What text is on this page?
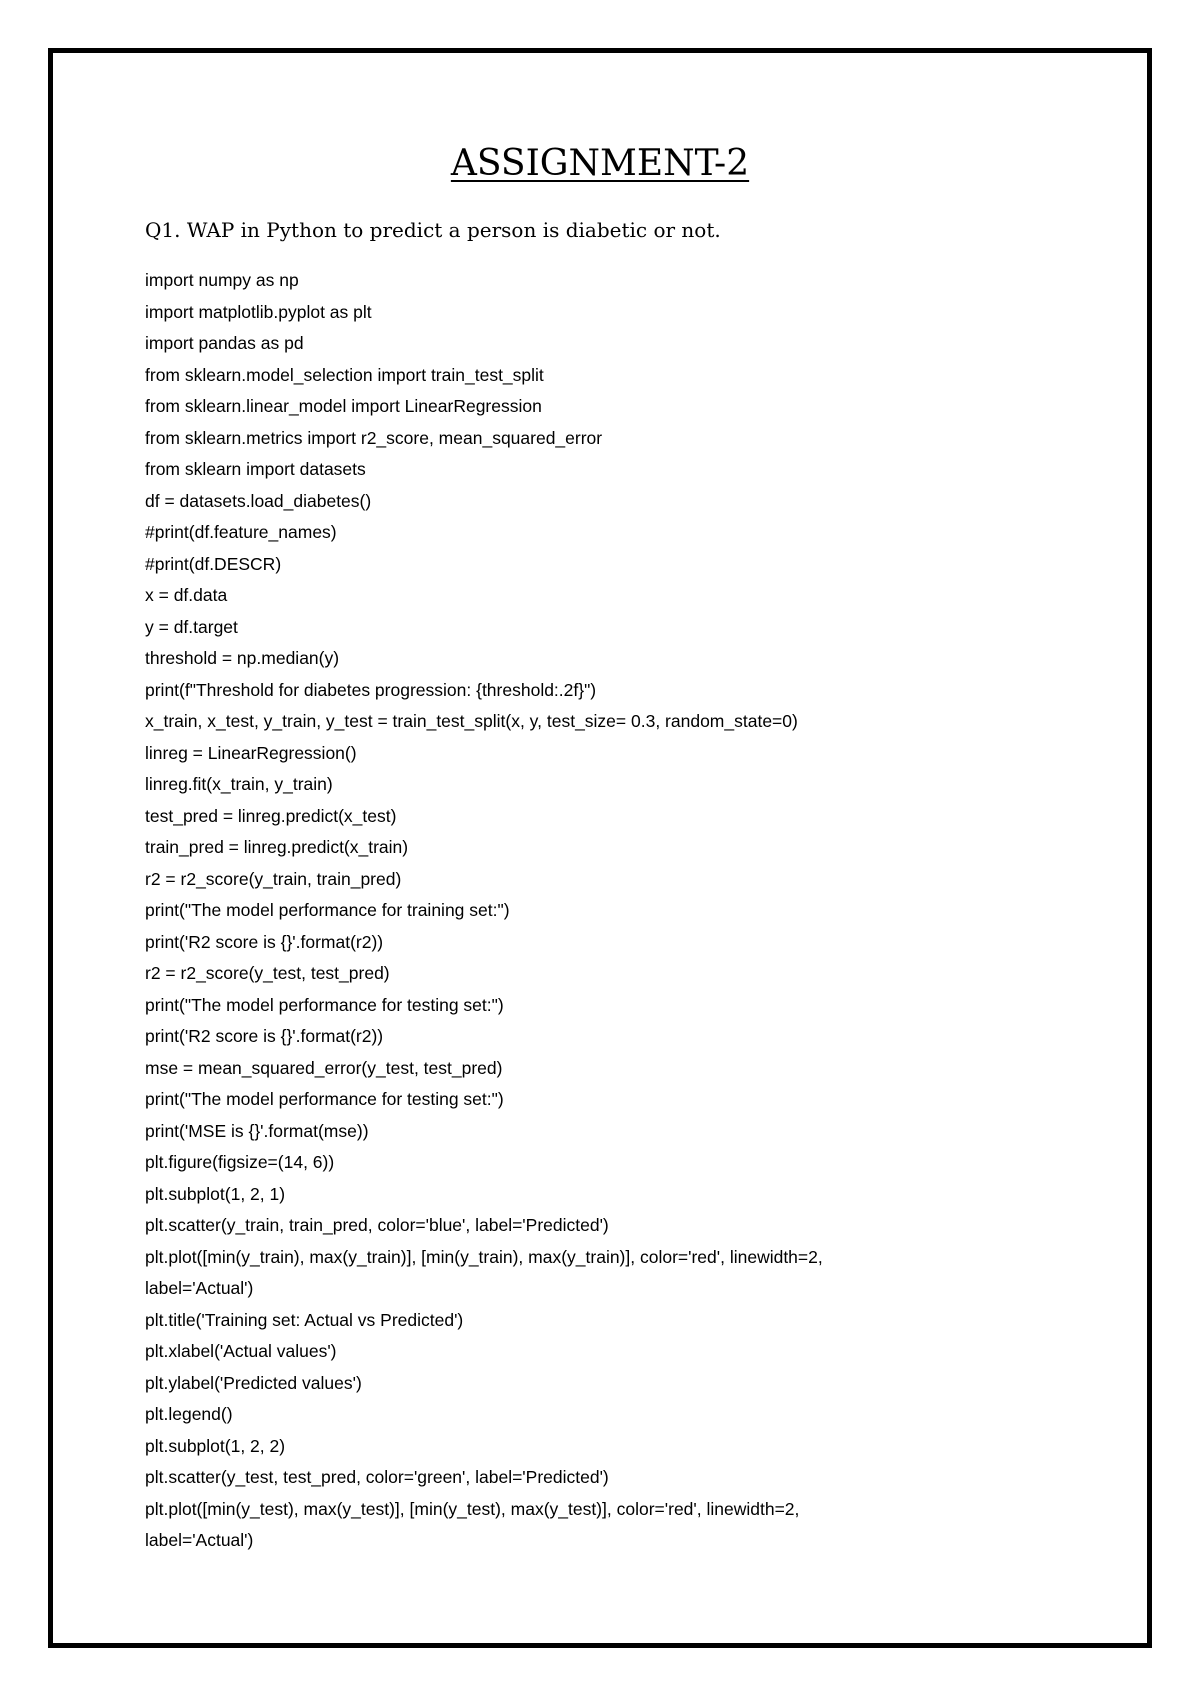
ASSIGNMENT-2
Q1. WAP in Python to predict a person is diabetic or not.
import numpy as np
import matplotlib.pyplot as plt
import pandas as pd
from sklearn.model_selection import train_test_split
from sklearn.linear_model import LinearRegression
from sklearn.metrics import r2_score, mean_squared_error
from sklearn import datasets
df = datasets.load_diabetes()
#print(df.feature_names)
#print(df.DESCR)
x = df.data
y = df.target
threshold = np.median(y)
print(f"Threshold for diabetes progression: {threshold:.2f}")
x_train, x_test, y_train, y_test = train_test_split(x, y, test_size= 0.3, random_state=0)
linreg = LinearRegression()
linreg.fit(x_train, y_train)
test_pred = linreg.predict(x_test)
train_pred = linreg.predict(x_train)
r2 = r2_score(y_train, train_pred)
print("The model performance for training set:")
print('R2 score is {}'.format(r2))
r2 = r2_score(y_test, test_pred)
print("The model performance for testing set:")
print('R2 score is {}'.format(r2))
mse = mean_squared_error(y_test, test_pred)
print("The model performance for testing set:")
print('MSE is {}'.format(mse))
plt.figure(figsize=(14, 6))
plt.subplot(1, 2, 1)
plt.scatter(y_train, train_pred, color='blue', label='Predicted')
plt.plot([min(y_train), max(y_train)], [min(y_train), max(y_train)], color='red', linewidth=2,
label='Actual')
plt.title('Training set: Actual vs Predicted')
plt.xlabel('Actual values')
plt.ylabel('Predicted values')
plt.legend()
plt.subplot(1, 2, 2)
plt.scatter(y_test, test_pred, color='green', label='Predicted')
plt.plot([min(y_test), max(y_test)], [min(y_test), max(y_test)], color='red', linewidth=2,
label='Actual')
